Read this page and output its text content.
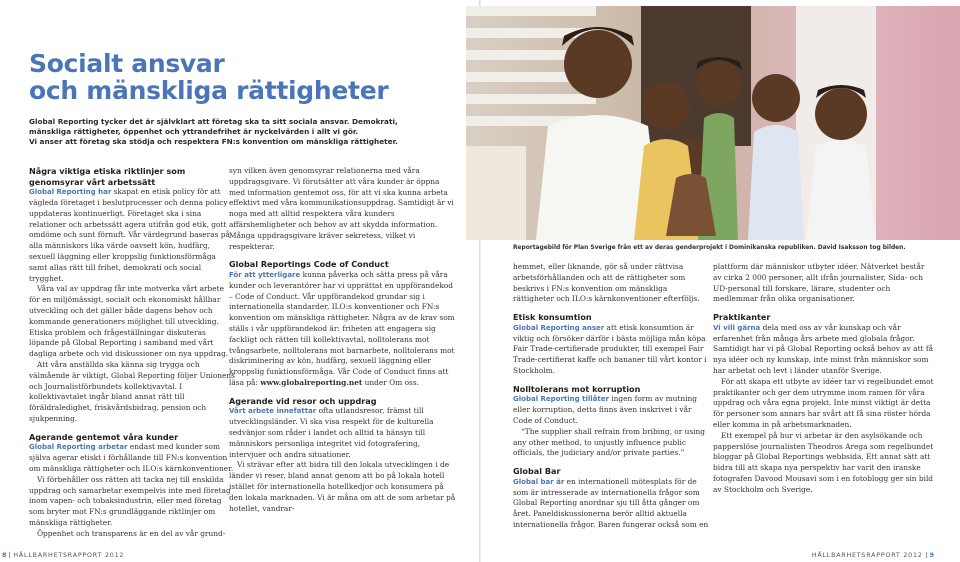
Socialt ansvar
och mänskliga rättigheter
Global Reporting tycker det är självklart att företag ska ta sitt sociala ansvar. Demokrati,
mänskliga rättigheter, öppenhet och yttrandefrihet är nyckelvärden i allt vi gör.
Vi anser att företag ska stödja och respektera FN:s konvention om mänskliga rättigheter.
Några viktiga etiska riktlinjer som genomsyrar vårt arbetssätt

Global Reporting har skapat en etisk policy för att vägleda företaget i beslutprocesser och denna policy uppdateras kontinuerligt. Företaget ska i sina relationer och arbetssätt agera utifrån god etik, gott omdöme och sunt förnuft. Vår värdegrund baseras på alla människors lika värde oavsett kön, hudfärg, sexuell läggning eller kroppslig funktionsförmåga samt allas rätt till frihet, demokrati och social trygghet.

Våra val av uppdrag får inte motverka vårt arbete för en miljömässigt, socialt och ekonomiskt hållbar utveckling och det gäller både dagens behov och kommande generationers möjlighet till utveckling. Etiska problem och frågeställningar diskuteras löpande på Global Reporting i samband med vårt dagliga arbete och vid diskussioner om nya uppdrag.

Att våra anställda ska känna sig trygga och välmående är viktigt, Global Reporting följer Unionens och Journalistförbundets kollektivavtal. I kollektivavtalet ingår bland annat rätt till föräldraledighet, friskvårdsbidrag, pension och sjukpenning.

Agerande gentemot våra kunder

Global Reporting arbetar endast med kunder som själva agerar etiskt i förhållande till FN:s konvention om mänskliga rättigheter och ILO:s kärnkonventioner.

Vi förbehåller oss rätten att tacka nej till enskilda uppdrag och samarbetar exempelvis inte med företag inom vapen- och tobaksindustrin, eller med företag som bryter mot FN:s grundläggande riktlinjer om mänskliga rättigheter.

Öppenhet och transparens är en del av vår grund-

syn vilken även genomsyrar relationerna med våra uppdragsgivare. Vi förutsätter att våra kunder är öppna med information gentemot oss, för att vi ska kunna arbeta effektivt med våra kommunikationsuppdrag. Samtidigt är vi noga med att alltid respektera våra kunders affärshemligheter och behov av att skydda information. Många uppdragsgivare kräver sekretess, vilket vi respekterar.

Global Reportings Code of Conduct

För att ytterligare kunna påverka och sätta press på våra kunder och leverantörer har vi upprättat en uppförandekod – Code of Conduct. Vår uppförandekod grundar sig i internationella standarder, ILO:s konventioner och FN:s konvention om mänskliga rättigheter. Några av de krav som ställs i vår uppförandekod är: friheten att engagera sig fackligt och rätten till kollektivavtal, nolltolerans mot tvångsarbete, nolltolerans mot barnarbete, nolltolerans mot diskriminering av kön, hudfärg, sexuell läggning eller kroppslig funktionsförmåga. Vår Code of Conduct finns att läsa på: www.globalreporting.net under Om oss.

Agerande vid resor och uppdrag

Vårt arbete innefattar ofta utlandsresor, främst till utvecklingsländer. Vi ska visa respekt för de kulturella sedvänjor som råder i landet och alltid ta hänsyn till människors personliga integritet vid fotografering, intervjuer och andra situationer.

Vi strävar efter att bidra till den lokala utvecklingen i de länder vi reser, bland annat genom att bo på lokala hotell istället för internationella hotellkedjor och konsumera på den lokala marknaden. Vi är måna om att de som arbetar på hotellet, vandrar-

Reportagebild för Plan Sverige från ett av deras genderprojekt i Dominikanska republiken. David Isaksson tog bilden.

hemmet, eller liknande, gör så under rättvisa arbetsförhållanden och att de rättigheter som beskrivs i FN:s konvention om mänskliga rättigheter och ILO:s kärnkonventioner efterföljs.

Etisk konsumtion

Global Reporting anser att etisk konsumtion är viktig och försöker därför i bästa möjliga mån köpa Fair Trade-certifierade produkter, till exempel Fair Trade-certifierat kaffe och bananer till vårt kontor i Stockholm.

Nolltolerans mot korruption

Global Reporting tillåter ingen form av mutning eller korruption, detta finns även inskrivet i vår Code of Conduct.

“The supplier shall refrain from bribing, or using any other method, to unjustly influence public officials, the judiciary and/or private parties.”

Global Bar

Global bar är en internationell mötesplats för de som är intresserade av internationella frågor som Global Reporting anordnar sju till åtta gånger om året. Paneldiskussionerna berör alltid aktuella internationella frågor. Baren fungerar också som en

plattform där människor utbyter idéer. Nätverket består av cirka 2 000 personer, allt ifrån journalister, Sida- och UD-personal till forskare, lärare, studenter och medlemmar från olika organisationer.

Praktikanter

Vi vill gärna dela med oss av vår kunskap och vår erfarenhet från många års arbete med globala frågor. Samtidigt har vi på Global Reporting också behov av att få nya idéer och ny kunskap, inte minst från människor som har arbetat och levt i länder utanför Sverige.

För att skapa ett utbyte av idéer tar vi regelbundet emot praktikanter och ger dem utrymme inom ramen för våra uppdrag och våra egna projekt. Inte minst viktigt är detta för personer som annars har svårt att få sina röster hörda eller komma in på arbetsmarknaden.

Ett exempel på hur vi arbetar är den asylsökande och papperslöse journalisten Theodros Arega som regelbundet bloggar på Global Reportings webbsida. Ett annat sätt att bidra till att skapa nya perspektiv har varit den iranske fotografen Davood Mousavi som i en fotoblogg ger sin bild av Stockholm och Sverige.

8 HÅLLBARHETSRAPPORT 2012	HÅLLBARHETSRAPPORT 2012 9
